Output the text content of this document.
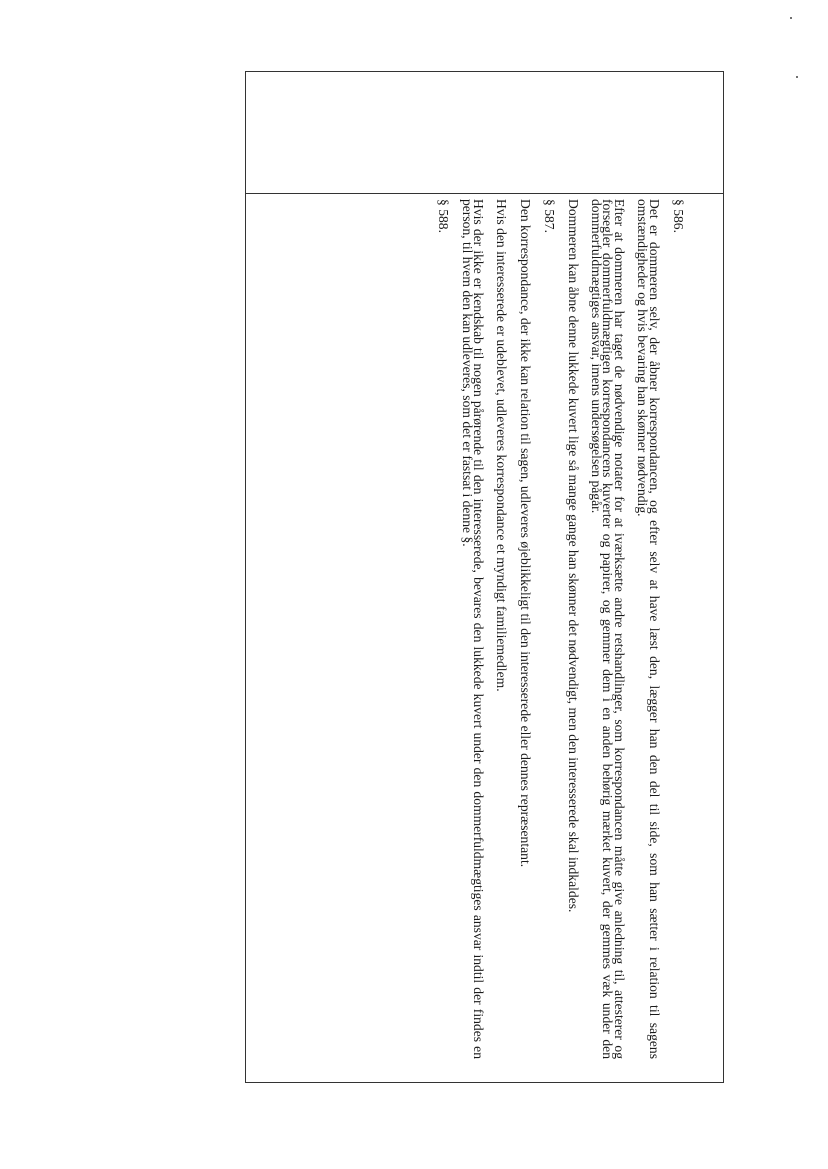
§ 586.

Det er dommeren selv, der åbner korrespondancen, og efter selv at have læst den, lægger han den del til side, som han sætter i relation til sagens omstændigheder og hvis bevaring han skønner nødvendig.

Efter at dommeren har taget de nødvendige notater for at iværksætte andre retshandlinger, som korrespondancen måtte give anledning til, attesterer og forsegler dommerfuldmægtigen korrespondancens kuverter og papirer, og gemmer dem i en anden behørig mærket kuvert, der gemmes væk under den dommerfuldmægtiges ansvar, imens undersøgelsen pågår.

Dommeren kan åbne denne lukkede kuvert lige så mange gange han skønner det nødvendigt, men den interesserede skal indkaldes.

§ 587.

Den korrespondance, der ikke kan relation til sagen, udleveres øjeblikkeligt til den interesserede eller dennes repræsentant.

Hvis den interesserede er udeblevet, udleveres korrespondance et myndigt familiemedlem.

Hvis der ikke er kendskab til nogen pårørende til den interesserede, bevares den lukkede kuvert under den dommerfuldmægtiges ansvar indtil der findes en person, til hvem den kan udleveres, som det er fastsat i denne §.

§ 588.
